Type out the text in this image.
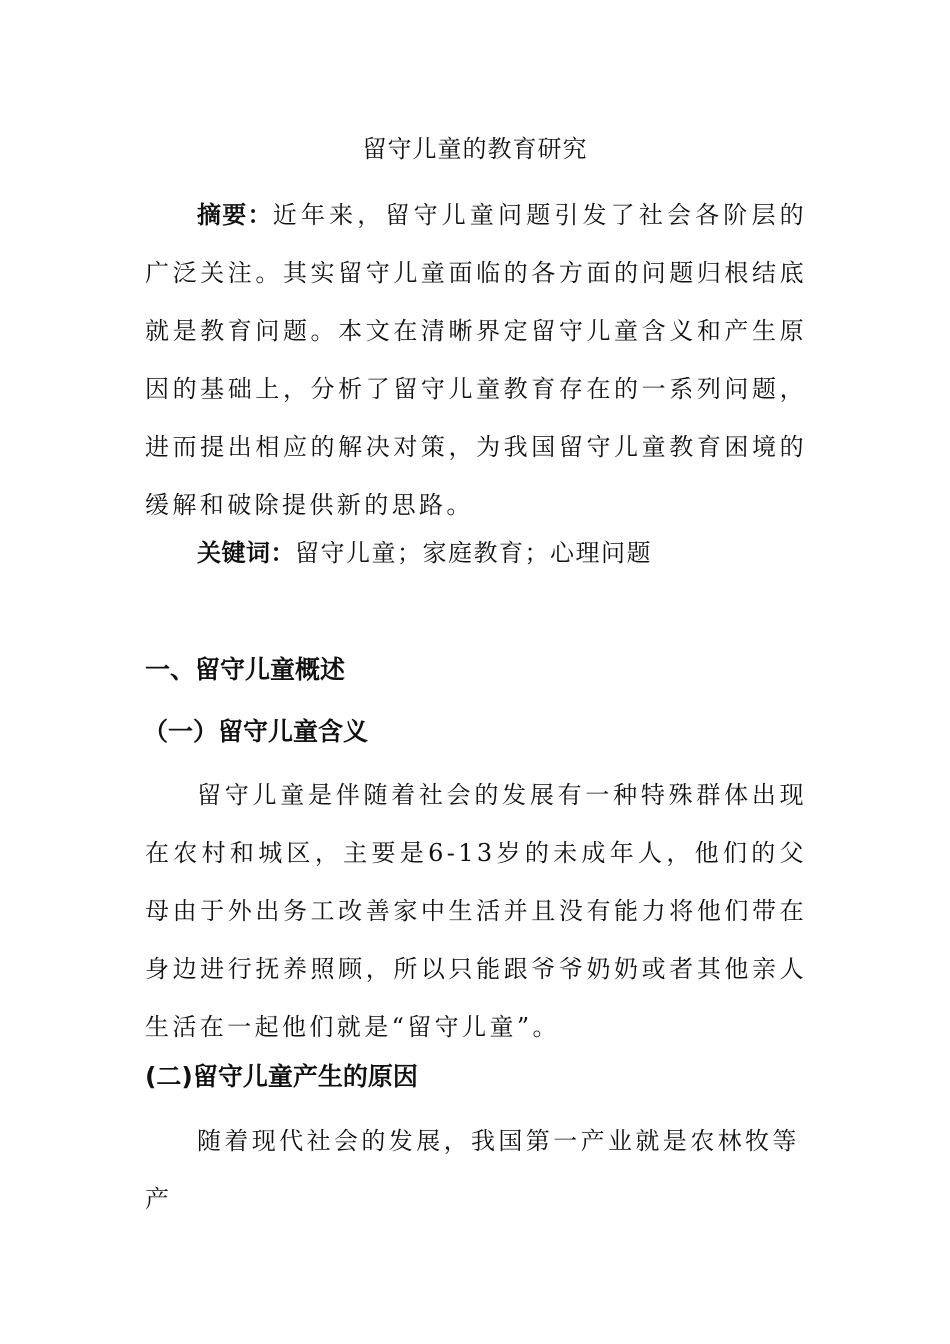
留守儿童的教育研究

摘要：近年来，留守儿童问题引发了社会各阶层的广泛关注。其实留守儿童面临的各方面的问题归根结底就是教育问题。本文在清晰界定留守儿童含义和产生原因的基础上，分析了留守儿童教育存在的一系列问题，进而提出相应的解决对策，为我国留守儿童教育困境的缓解和破除提供新的思路。

关键词：留守儿童；家庭教育；心理问题
一、留守儿童概述
（一）留守儿童含义

留守儿童是伴随着社会的发展有一种特殊群体出现在农村和城区，主要是6-13岁的未成年人，他们的父母由于外出务工改善家中生活并且没有能力将他们带在身边进行抚养照顾，所以只能跟爷爷奶奶或者其他亲人生活在一起他们就是“留守儿童”。

(二)留守儿童产生的原因

随着现代社会的发展，我国第一产业就是农林牧等产
